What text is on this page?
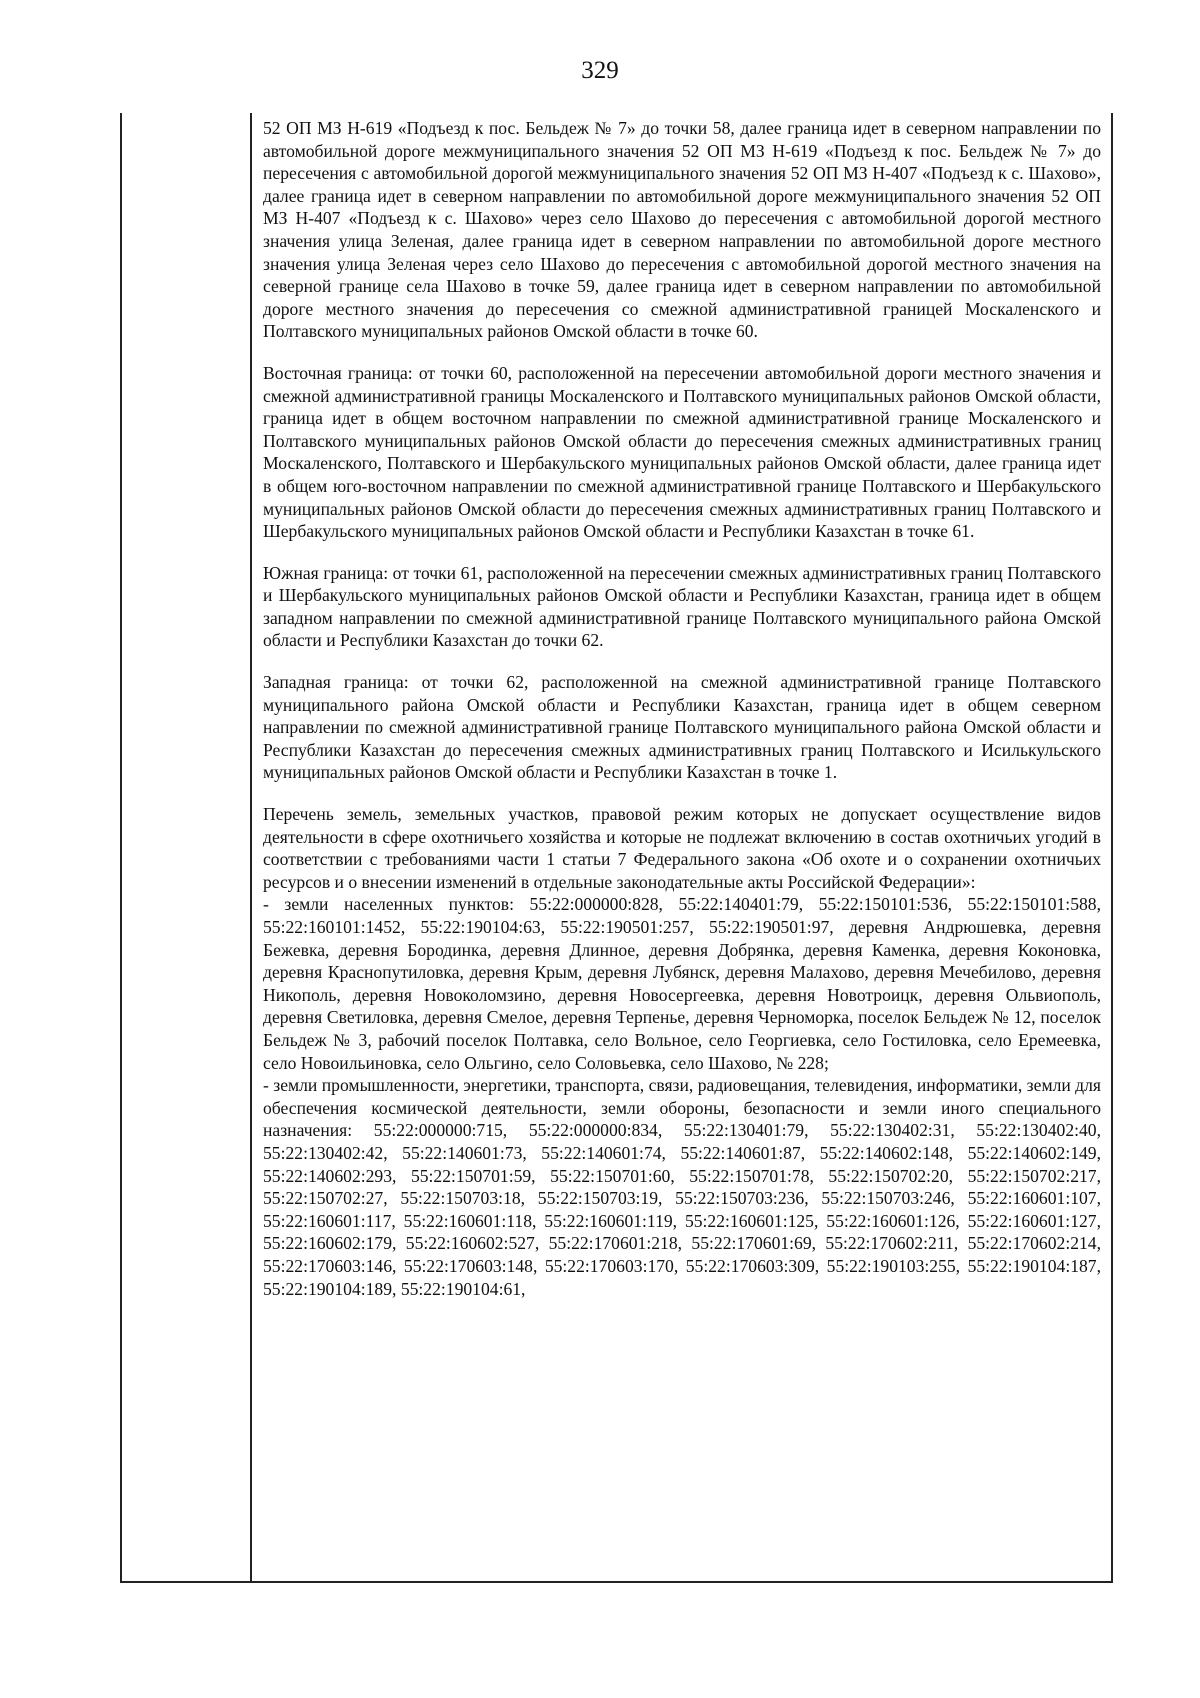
329

52 ОП МЗ Н-619 «Подъезд к пос. Бельдеж № 7» до точки 58, далее граница идет в северном направлении по автомобильной дороге межмуниципального значения 52 ОП МЗ Н-619 «Подъезд к пос. Бельдеж № 7» до пересечения с автомобильной дорогой межмуниципального значения 52 ОП МЗ Н-407 «Подъезд к с. Шахово», далее граница идет в северном направлении по автомобильной дороге межмуниципального значения 52 ОП МЗ Н-407 «Подъезд к с. Шахово» через село Шахово до пересечения с автомобильной дорогой местного значения улица Зеленая, далее граница идет в северном направлении по автомобильной дороге местного значения улица Зеленая через село Шахово до пересечения с автомобильной дорогой местного значения на северной границе села Шахово в точке 59, далее граница идет в северном направлении по автомобильной дороге местного значения до пересечения со смежной административной границей Москаленского и Полтавского муниципальных районов Омской области в точке 60.

Восточная граница: от точки 60, расположенной на пересечении автомобильной дороги местного значения и смежной административной границы Москаленского и Полтавского муниципальных районов Омской области, граница идет в общем восточном направлении по смежной административной границе Москаленского и Полтавского муниципальных районов Омской области до пересечения смежных административных границ Москаленского, Полтавского и Шербакульского муниципальных районов Омской области, далее граница идет в общем юго-восточном направлении по смежной административной границе Полтавского и Шербакульского муниципальных районов Омской области до пересечения смежных административных границ Полтавского и Шербакульского муниципальных районов Омской области и Республики Казахстан в точке 61.

Южная граница: от точки 61, расположенной на пересечении смежных административных границ Полтавского и Шербакульского муниципальных районов Омской области и Республики Казахстан, граница идет в общем западном направлении по смежной административной границе Полтавского муниципального района Омской области и Республики Казахстан до точки 62.

Западная граница: от точки 62, расположенной на смежной административной границе Полтавского муниципального района Омской области и Республики Казахстан, граница идет в общем северном направлении по смежной административной границе Полтавского муниципального района Омской области и Республики Казахстан до пересечения смежных административных границ Полтавского и Исилькульского муниципальных районов Омской области и Республики Казахстан в точке 1.

Перечень земель, земельных участков, правовой режим которых не допускает осуществление видов деятельности в сфере охотничьего хозяйства и которые не подлежат включению в состав охотничьих угодий в соответствии с требованиями части 1 статьи 7 Федерального закона «Об охоте и о сохранении охотничьих ресурсов и о внесении изменений в отдельные законодательные акты Российской Федерации»:

- земли населенных пунктов: 55:22:000000:828, 55:22:140401:79, 55:22:150101:536, 55:22:150101:588, 55:22:160101:1452, 55:22:190104:63, 55:22:190501:257, 55:22:190501:97, деревня Андрюшевка, деревня Бежевка, деревня Бородинка, деревня Длинное, деревня Добрянка, деревня Каменка, деревня Коконовка, деревня Краснопутиловка, деревня Крым, деревня Лубянск, деревня Малахово, деревня Мечебилово, деревня Никополь, деревня Новоколомзино, деревня Новосергеевка, деревня Новотроицк, деревня Ольвиополь, деревня Светиловка, деревня Смелое, деревня Терпенье, деревня Черноморка, поселок Бельдеж № 12, поселок Бельдеж № 3, рабочий поселок Полтавка, село Вольное, село Георгиевка, село Гостиловка, село Еремеевка, село Новоильиновка, село Ольгино, село Соловьевка, село Шахово, № 228;

- земли промышленности, энергетики, транспорта, связи, радиовещания, телевидения, информатики, земли для обеспечения космической деятельности, земли обороны, безопасности и земли иного специального назначения: 55:22:000000:715, 55:22:000000:834, 55:22:130401:79, 55:22:130402:31, 55:22:130402:40, 55:22:130402:42, 55:22:140601:73, 55:22:140601:74, 55:22:140601:87, 55:22:140602:148, 55:22:140602:149, 55:22:140602:293, 55:22:150701:59, 55:22:150701:60, 55:22:150701:78, 55:22:150702:20, 55:22:150702:217, 55:22:150702:27, 55:22:150703:18, 55:22:150703:19, 55:22:150703:236, 55:22:150703:246, 55:22:160601:107, 55:22:160601:117, 55:22:160601:118, 55:22:160601:119, 55:22:160601:125, 55:22:160601:126, 55:22:160601:127, 55:22:160602:179, 55:22:160602:527, 55:22:170601:218, 55:22:170601:69, 55:22:170602:211, 55:22:170602:214, 55:22:170603:146, 55:22:170603:148, 55:22:170603:170, 55:22:170603:309, 55:22:190103:255, 55:22:190104:187, 55:22:190104:189, 55:22:190104:61,
